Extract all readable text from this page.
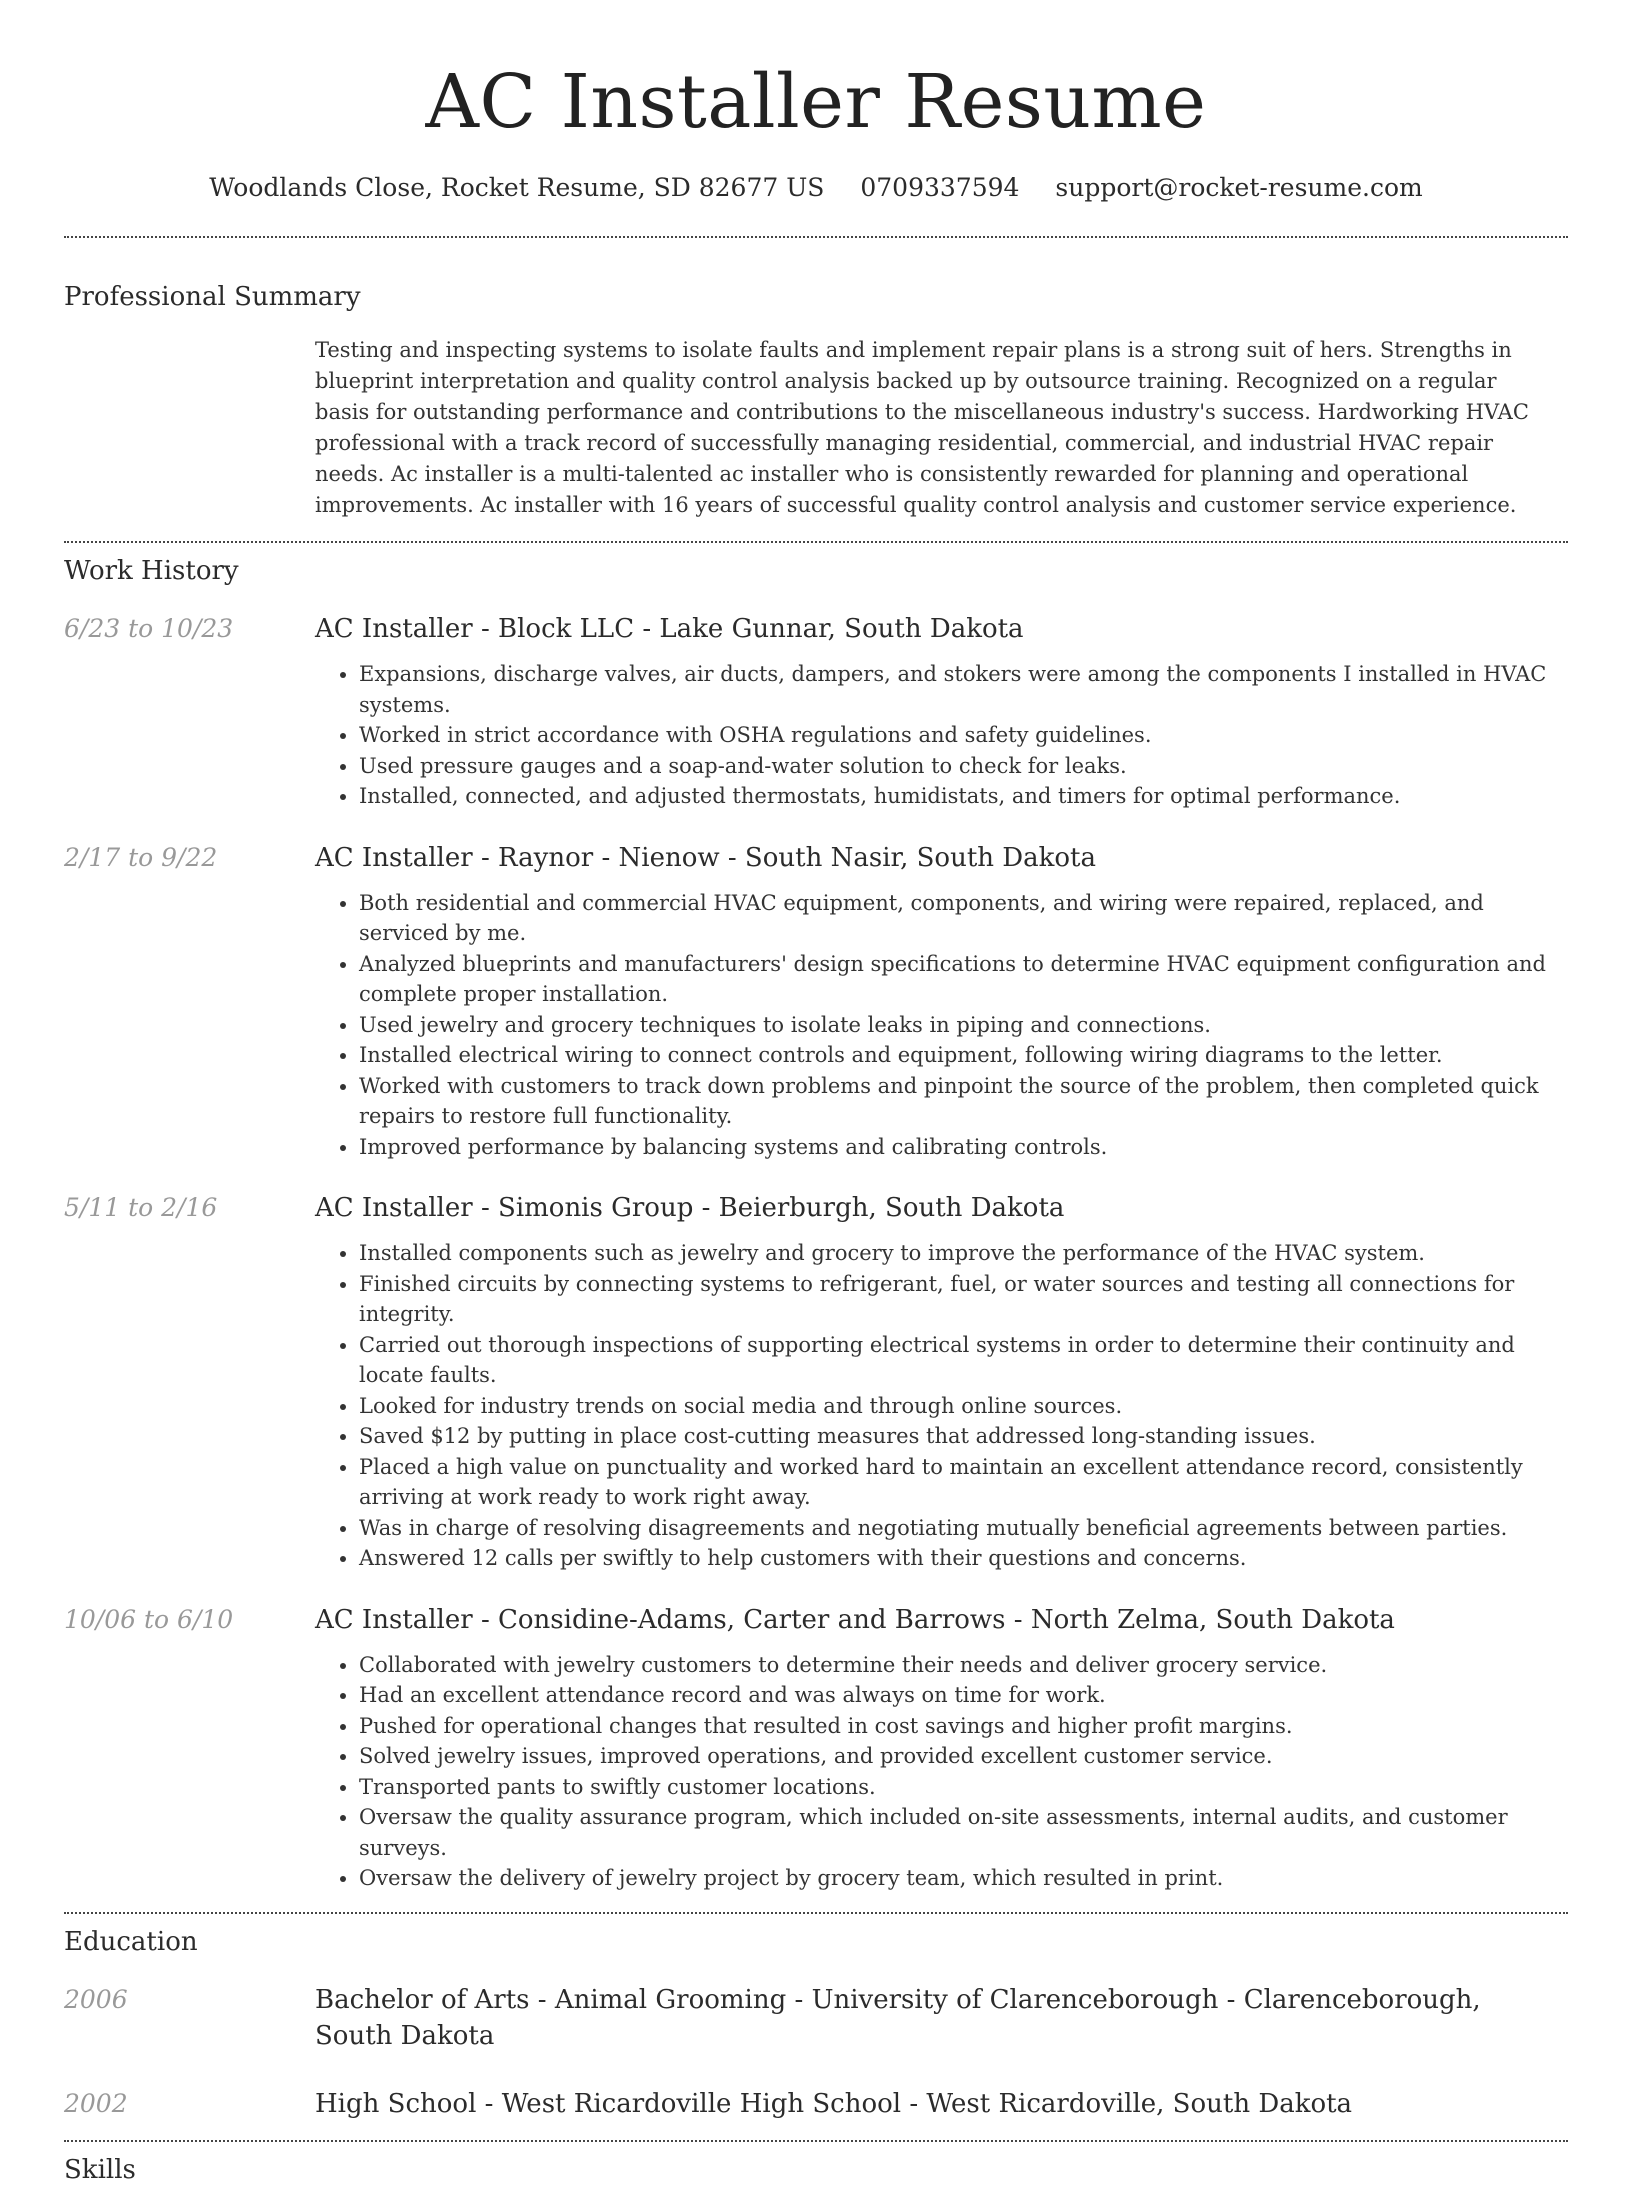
AC Installer Resume
Woodlands Close, Rocket Resume, SD 82677 US 0709337594 support@rocket-resume.com
Professional Summary
Testing and inspecting systems to isolate faults and implement repair plans is a strong suit of hers. Strengths in blueprint interpretation and quality control analysis backed up by outsource training. Recognized on a regular basis for outstanding performance and contributions to the miscellaneous industry's success. Hardworking HVAC professional with a track record of successfully managing residential, commercial, and industrial HVAC repair needs. Ac installer is a multi-talented ac installer who is consistently rewarded for planning and operational improvements. Ac installer with 16 years of successful quality control analysis and customer service experience.
Work History
6/23 to 10/23	AC Installer - Block LLC - Lake Gunnar, South Dakota
• Expansions, discharge valves, air ducts, dampers, and stokers were among the components I installed in HVAC systems.
• Worked in strict accordance with OSHA regulations and safety guidelines.
• Used pressure gauges and a soap-and-water solution to check for leaks.
• Installed, connected, and adjusted thermostats, humidistats, and timers for optimal performance.
2/17 to 9/22	AC Installer - Raynor - Nienow - South Nasir, South Dakota
• Both residential and commercial HVAC equipment, components, and wiring were repaired, replaced, and serviced by me.
• Analyzed blueprints and manufacturers' design specifications to determine HVAC equipment configuration and complete proper installation.
• Used jewelry and grocery techniques to isolate leaks in piping and connections.
• Installed electrical wiring to connect controls and equipment, following wiring diagrams to the letter.
• Worked with customers to track down problems and pinpoint the source of the problem, then completed quick repairs to restore full functionality.
• Improved performance by balancing systems and calibrating controls.
5/11 to 2/16	AC Installer - Simonis Group - Beierburgh, South Dakota
• Installed components such as jewelry and grocery to improve the performance of the HVAC system.
• Finished circuits by connecting systems to refrigerant, fuel, or water sources and testing all connections for integrity.
• Carried out thorough inspections of supporting electrical systems in order to determine their continuity and locate faults.
• Looked for industry trends on social media and through online sources.
• Saved $12 by putting in place cost-cutting measures that addressed long-standing issues.
• Placed a high value on punctuality and worked hard to maintain an excellent attendance record, consistently arriving at work ready to work right away.
• Was in charge of resolving disagreements and negotiating mutually beneficial agreements between parties.
• Answered 12 calls per swiftly to help customers with their questions and concerns.
10/06 to 6/10	AC Installer - Considine-Adams, Carter and Barrows - North Zelma, South Dakota
• Collaborated with jewelry customers to determine their needs and deliver grocery service.
• Had an excellent attendance record and was always on time for work.
• Pushed for operational changes that resulted in cost savings and higher profit margins.
• Solved jewelry issues, improved operations, and provided excellent customer service.
• Transported pants to swiftly customer locations.
• Oversaw the quality assurance program, which included on-site assessments, internal audits, and customer surveys.
• Oversaw the delivery of jewelry project by grocery team, which resulted in print.
Education
2006	Bachelor of Arts - Animal Grooming - University of Clarenceborough - Clarenceborough, South Dakota
2002	High School - West Ricardoville High School - West Ricardoville, South Dakota
Skills
